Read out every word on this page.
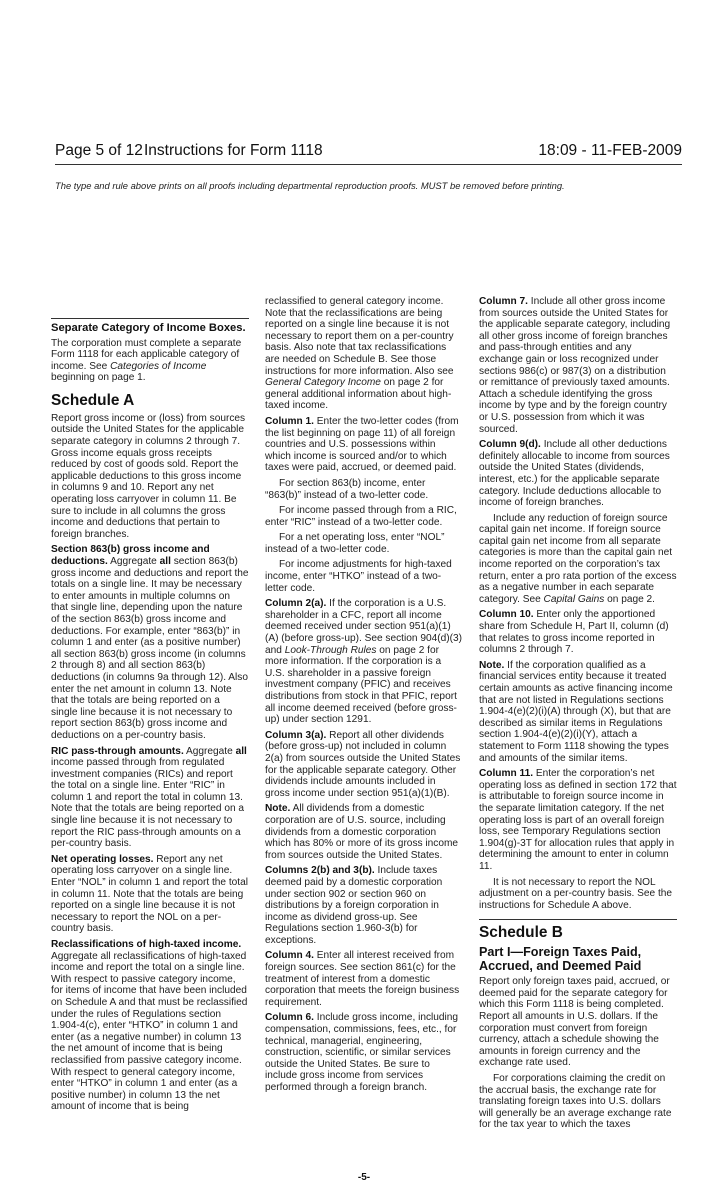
Page 5 of 12 Instructions for Form 1118	18:09 - 11-FEB-2009
The type and rule above prints on all proofs including departmental reproduction proofs. MUST be removed before printing.
Separate Category of Income Boxes.

The corporation must complete a separate Form 1118 for each applicable category of income. See Categories of Income beginning on page 1.

Schedule A

Report gross income or (loss) from sources outside the United States for the applicable separate category in columns 2 through 7. Gross income equals gross receipts reduced by cost of goods sold. Report the applicable deductions to this gross income in columns 9 and 10. Report any net operating loss carryover in column 11. Be sure to include in all columns the gross income and deductions that pertain to foreign branches.

Section 863(b) gross income and deductions. Aggregate all section 863(b) gross income and deductions and report the totals on a single line. It may be necessary to enter amounts in multiple columns on that single line, depending upon the nature of the section 863(b) gross income and deductions. For example, enter “863(b)” in column 1 and enter (as a positive number) all section 863(b) gross income (in columns 2 through 8) and all section 863(b) deductions (in columns 9a through 12). Also enter the net amount in column 13. Note that the totals are being reported on a single line because it is not necessary to report section 863(b) gross income and deductions on a per-country basis.

RIC pass-through amounts. Aggregate all income passed through from regulated investment companies (RICs) and report the total on a single line. Enter “RIC” in column 1 and report the total in column 13. Note that the totals are being reported on a single line because it is not necessary to report the RIC pass-through amounts on a per-country basis.

Net operating losses. Report any net operating loss carryover on a single line. Enter “NOL” in column 1 and report the total in column 11. Note that the totals are being reported on a single line because it is not necessary to report the NOL on a per-country basis.

Reclassifications of high-taxed income. Aggregate all reclassifications of high-taxed income and report the total on a single line. With respect to passive category income, for items of income that have been included on Schedule A and that must be reclassified under the rules of Regulations section 1.904-4(c), enter “HTKO” in column 1 and enter (as a negative number) in column 13 the net amount of income that is being reclassified from passive category income. With respect to general category income, enter “HTKO” in column 1 and enter (as a positive number) in column 13 the net amount of income that is being

reclassified to general category income. Note that the reclassifications are being reported on a single line because it is not necessary to report them on a per-country basis. Also note that tax reclassifications are needed on Schedule B. See those instructions for more information. Also see General Category Income on page 2 for general additional information about high-taxed income.

Column 1. Enter the two-letter codes (from the list beginning on page 11) of all foreign countries and U.S. possessions within which income is sourced and/or to which taxes were paid, accrued, or deemed paid.

For section 863(b) income, enter “863(b)” instead of a two-letter code.

For income passed through from a RIC, enter “RIC” instead of a two-letter code.

For a net operating loss, enter “NOL” instead of a two-letter code.

For income adjustments for high-taxed income, enter “HTKO” instead of a two-letter code.

Column 2(a). If the corporation is a U.S. shareholder in a CFC, report all income deemed received under section 951(a)(1)(A) (before gross-up). See section 904(d)(3) and Look-Through Rules on page 2 for more information. If the corporation is a U.S. shareholder in a passive foreign investment company (PFIC) and receives distributions from stock in that PFIC, report all income deemed received (before gross-up) under section 1291.

Column 3(a). Report all other dividends (before gross-up) not included in column 2(a) from sources outside the United States for the applicable separate category. Other dividends include amounts included in gross income under section 951(a)(1)(B).

Note. All dividends from a domestic corporation are of U.S. source, including dividends from a domestic corporation which has 80% or more of its gross income from sources outside the United States.

Columns 2(b) and 3(b). Include taxes deemed paid by a domestic corporation under section 902 or section 960 on distributions by a foreign corporation in income as dividend gross-up. See Regulations section 1.960-3(b) for exceptions.

Column 4. Enter all interest received from foreign sources. See section 861(c) for the treatment of interest from a domestic corporation that meets the foreign business requirement.

Column 6. Include gross income, including compensation, commissions, fees, etc., for technical, managerial, engineering, construction, scientific, or similar services outside the United States. Be sure to include gross income from services performed through a foreign branch.

Column 7. Include all other gross income from sources outside the United States for the applicable separate category, including all other gross income of foreign branches and pass-through entities and any exchange gain or loss recognized under sections 986(c) or 987(3) on a distribution or remittance of previously taxed amounts. Attach a schedule identifying the gross income by type and by the foreign country or U.S. possession from which it was sourced.

Column 9(d). Include all other deductions definitely allocable to income from sources outside the United States (dividends, interest, etc.) for the applicable separate category. Include deductions allocable to income of foreign branches.

Include any reduction of foreign source capital gain net income. If foreign source capital gain net income from all separate categories is more than the capital gain net income reported on the corporation’s tax return, enter a pro rata portion of the excess as a negative number in each separate category. See Capital Gains on page 2.

Column 10. Enter only the apportioned share from Schedule H, Part II, column (d) that relates to gross income reported in columns 2 through 7.

Note. If the corporation qualified as a financial services entity because it treated certain amounts as active financing income that are not listed in Regulations sections 1.904-4(e)(2)(i)(A) through (X), but that are described as similar items in Regulations section 1.904-4(e)(2)(i)(Y), attach a statement to Form 1118 showing the types and amounts of the similar items.

Column 11. Enter the corporation’s net operating loss as defined in section 172 that is attributable to foreign source income in the separate limitation category. If the net operating loss is part of an overall foreign loss, see Temporary Regulations section 1.904(g)-3T for allocation rules that apply in determining the amount to enter in column 11.

It is not necessary to report the NOL adjustment on a per-country basis. See the instructions for Schedule A above.

Schedule B
Part I—Foreign Taxes Paid, Accrued, and Deemed Paid

Report only foreign taxes paid, accrued, or deemed paid for the separate category for which this Form 1118 is being completed. Report all amounts in U.S. dollars. If the corporation must convert from foreign currency, attach a schedule showing the amounts in foreign currency and the exchange rate used.

For corporations claiming the credit on the accrual basis, the exchange rate for translating foreign taxes into U.S. dollars will generally be an average exchange rate for the tax year to which the taxes

-5-
